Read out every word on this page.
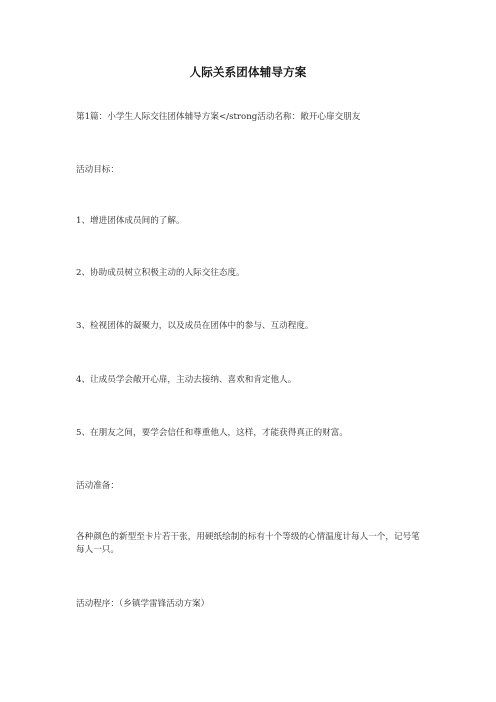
人际关系团体辅导方案
第1篇：小学生人际交往团体辅导方案</strong活动名称：敞开心扉交朋友
活动目标：
1、增进团体成员间的了解。
2、协助成员树立积极主动的人际交往态度。
3、检视团体的凝聚力，以及成员在团体中的参与、互动程度。
4、让成员学会敞开心扉，主动去接纳、喜欢和肯定他人。
5、在朋友之间，要学会信任和尊重他人，这样，才能获得真正的财富。
活动准备：
各种颜色的新型至卡片若干张，用硬纸绘制的标有十个等级的心情温度计每人一个，记号笔每人一只。
活动程序：（乡镇学雷锋活动方案）
